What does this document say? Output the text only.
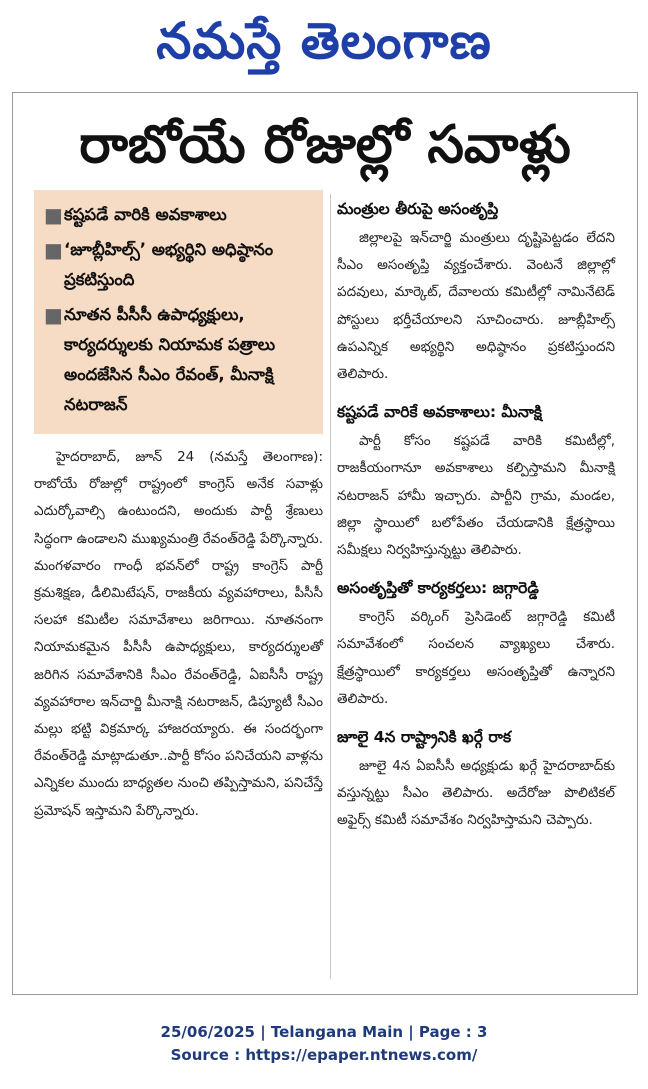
నమస్తే తెలంగాణ
రాబోయే రోజుల్లో సవాళ్లు
■ కష్టపడే వారికి అవకాశాలు
■ ‘జూబ్లీహిల్స్’ అభ్యర్థిని అధిష్ఠానం ప్రకటిస్తుంది
■ నూతన పీసీసీ ఉపాధ్యక్షులు, కార్యదర్శులకు నియామక పత్రాలు అందజేసిన సీఎం రేవంత్, మీనాక్షి నటరాజన్

హైదరాబాద్, జూన్ 24 (నమస్తే తెలంగాణ): రాబోయే రోజుల్లో రాష్ట్రంలో కాంగ్రెస్ అనేక సవాళ్లు ఎదుర్కోవాల్సి ఉంటుందని, అందుకు పార్టీ శ్రేణులు సిద్ధంగా ఉండాలని ముఖ్యమంత్రి రేవంత్‌రెడ్డి పేర్కొన్నారు. మంగళవారం గాంధీ భవన్‌లో రాష్ట్ర కాంగ్రెస్ పార్టీ క్రమశిక్షణ, డీలిమిటేషన్, రాజకీయ వ్యవహారాలు, పీసీసీ సలహా కమిటీల సమావేశాలు జరిగాయి. నూతనంగా నియామకమైన పీసీసీ ఉపాధ్యక్షులు, కార్యదర్శులతో జరిగిన సమావేశానికి సీఎం రేవంత్‌రెడ్డి, ఏఐసీసీ రాష్ట్ర వ్యవహారాల ఇన్‌చార్జి మీనాక్షి నటరాజన్, డిప్యూటీ సీఎం మల్లు భట్టి విక్రమార్క హాజరయ్యారు. ఈ సందర్భంగా రేవంత్‌రెడ్డి మాట్లాడుతూ..పార్టీ కోసం పనిచేయని వాళ్లను ఎన్నికల ముందు బాధ్యతల నుంచి తప్పిస్తామని, పనిచేస్తే ప్రమోషన్ ఇస్తామని పేర్కొన్నారు.

మంత్రుల తీరుపై అసంతృప్తి

జిల్లాలపై ఇన్‌చార్జి మంత్రులు దృష్టిపెట్టడం లేదని సీఎం అసంతృప్తి వ్యక్తంచేశారు. వెంటనే జిల్లాల్లో పదవులు, మార్కెట్, దేవాలయ కమిటీల్లో నామినేటెడ్ పోస్టులు భర్తీచేయాలని సూచించారు. జూబ్లీహిల్స్ ఉపఎన్నిక అభ్యర్థిని అధిష్ఠానం ప్రకటిస్తుందని తెలిపారు.

కష్టపడే వారికే అవకాశాలు: మీనాక్షి

పార్టీ కోసం కష్టపడే వారికి కమిటీల్లో, రాజకీయంగానూ అవకాశాలు కల్పిస్తామని మీనాక్షి నటరాజన్ హామీ ఇచ్చారు. పార్టీని గ్రామ, మండల, జిల్లా స్థాయిలో బలోపేతం చేయడానికి క్షేత్రస్థాయి సమీక్షలు నిర్వహిస్తున్నట్టు తెలిపారు.

అసంతృప్తితో కార్యకర్తలు: జగ్గారెడ్డి

కాంగ్రెస్ వర్కింగ్ ప్రెసిడెంట్ జగ్గారెడ్డి కమిటీ సమావేశంలో సంచలన వ్యాఖ్యలు చేశారు. క్షేత్రస్థాయిలో కార్యకర్తలు అసంతృప్తితో ఉన్నారని తెలిపారు.

జూలై 4న రాష్ట్రానికి ఖర్గే రాక

జూలై 4న ఏఐసీసీ అధ్యక్షుడు ఖర్గే హైదరాబాద్‌కు వస్తున్నట్టు సీఎం తెలిపారు. అదేరోజు పొలిటికల్ అఫైర్స్ కమిటీ సమావేశం నిర్వహిస్తామని చెప్పారు.

25/06/2025 | Telangana Main | Page : 3
Source : https://epaper.ntnews.com/
